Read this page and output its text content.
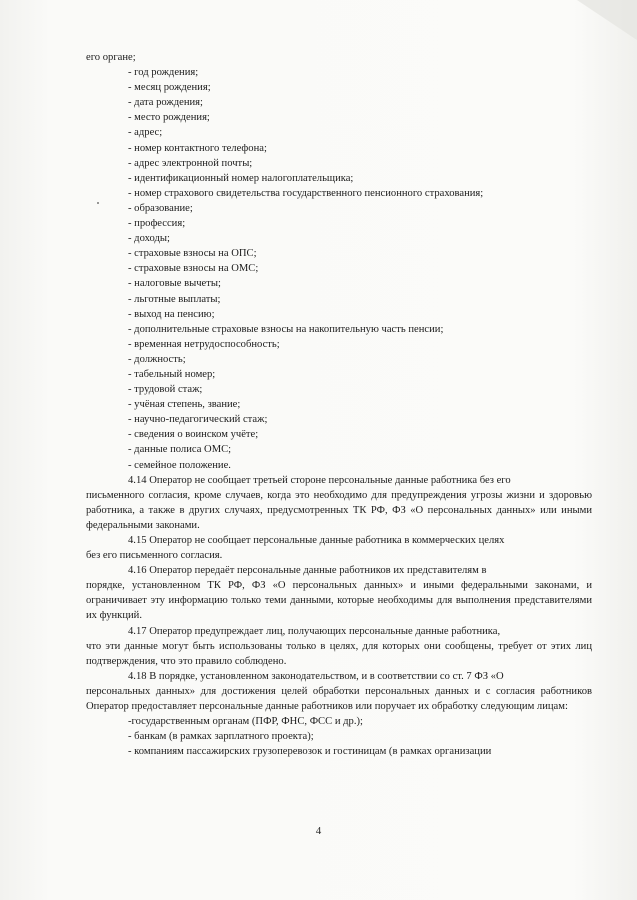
его органе;
- год рождения;
- месяц рождения;
- дата рождения;
- место рождения;
- адрес;
- номер контактного телефона;
- адрес электронной почты;
- идентификационный номер налогоплательщика;
- номер страхового свидетельства государственного пенсионного страхования;
- образование;
- профессия;
- доходы;
- страховые взносы на ОПС;
- страховые взносы на ОМС;
- налоговые вычеты;
- льготные выплаты;
- выход на пенсию;
- дополнительные страховые взносы на накопительную часть пенсии;
- временная нетрудоспособность;
- должность;
- табельный номер;
- трудовой стаж;
- учёная степень, звание;
- научно-педагогический стаж;
- сведения о воинском учёте;
- данные полиса ОМС;
- семейное положение.
4.14 Оператор не сообщает третьей стороне персональные данные работника без его
письменного согласия, кроме случаев, когда это необходимо для предупреждения угрозы жизни и здоровью работника, а также в других случаях, предусмотренных ТК РФ, ФЗ «О персональных данных» или иными федеральными законами.
4.15 Оператор не сообщает персональные данные работника в коммерческих целях
без его письменного согласия.
4.16 Оператор передаёт персональные данные работников их представителям в
порядке, установленном ТК РФ, ФЗ «О персональных данных» и иными федеральными законами, и ограничивает эту информацию только теми данными, которые необходимы для выполнения представителями их функций.
4.17 Оператор предупреждает лиц, получающих персональные данные работника,
что эти данные могут быть использованы только в целях, для которых они сообщены, требует от этих лиц подтверждения, что это правило соблюдено.
4.18 В порядке, установленном законодательством, и в соответствии со ст. 7 ФЗ «О
персональных данных» для достижения целей обработки персональных данных и с согласия работников Оператор предоставляет персональные данные работников или поручает их обработку следующим лицам:
-государственным органам (ПФР, ФНС, ФСС и др.);
- банкам (в рамках зарплатного проекта);
- компаниям пассажирских грузоперевозок и гостиницам (в рамках организации
4
